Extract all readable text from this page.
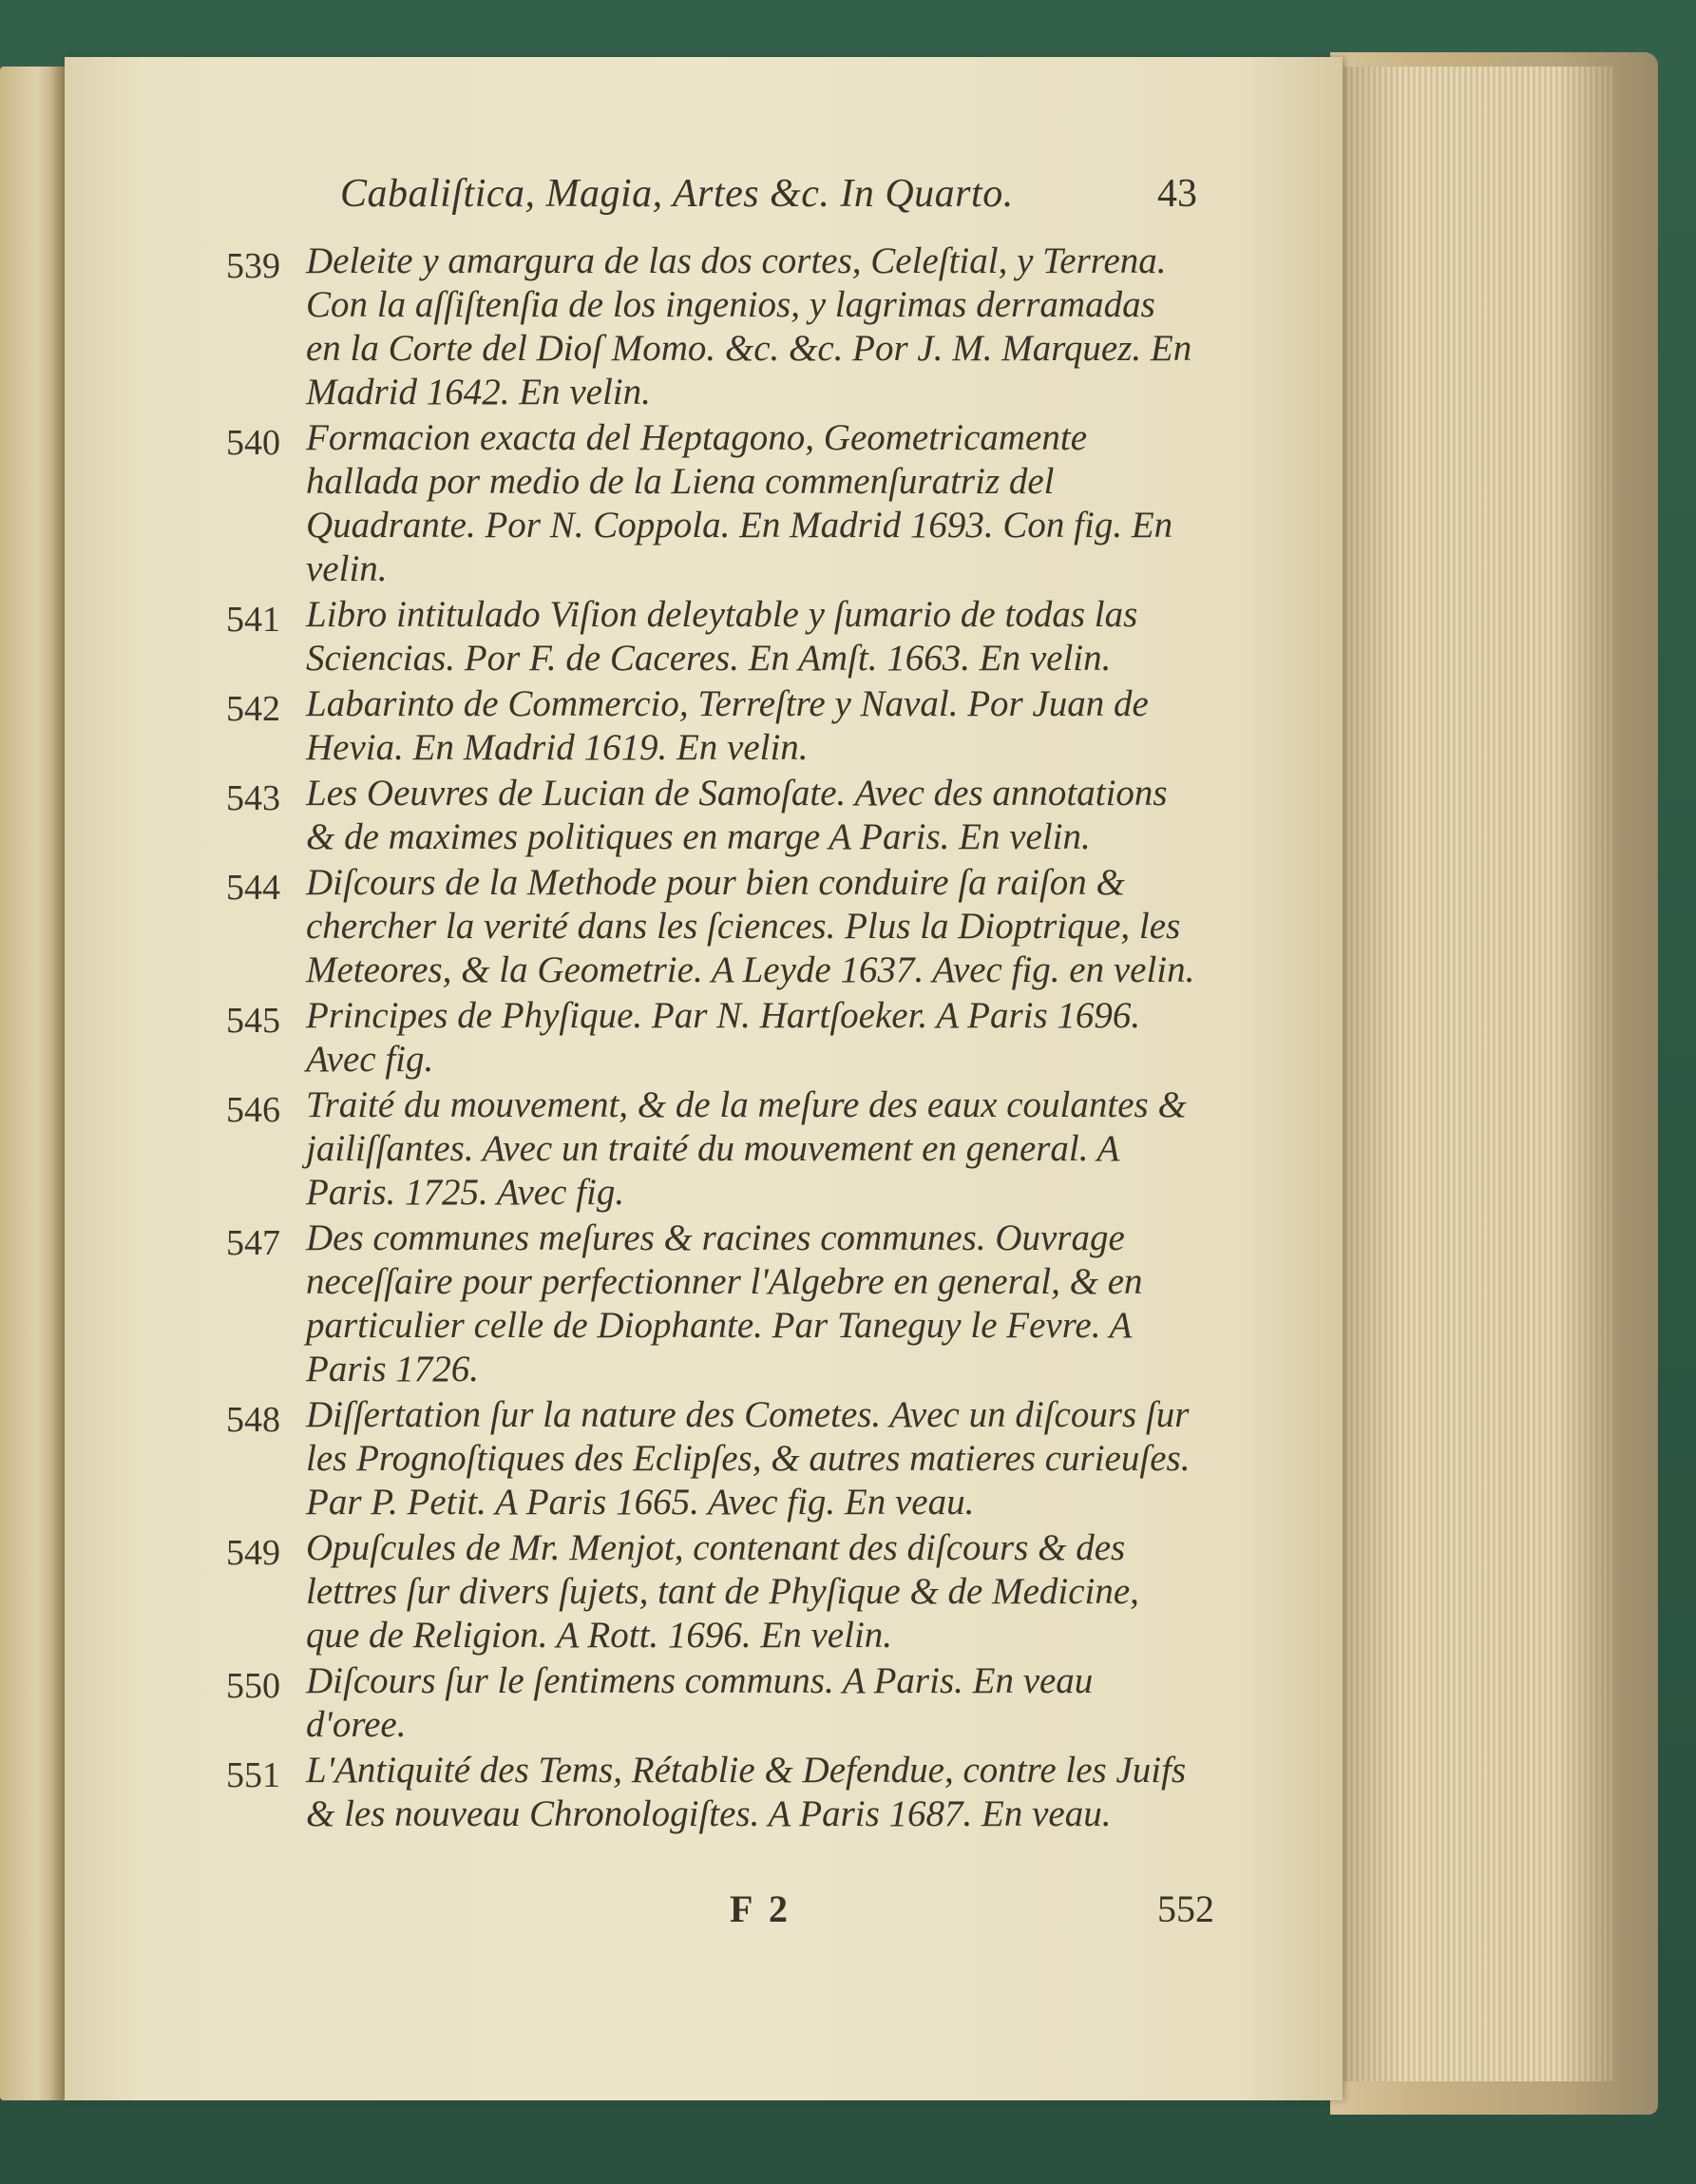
Cabaliſtica, Magia, Artes &c. In Quarto.	43
539 Deleite y amargura de las dos cortes, Celeſtial, y Terrena. Con la aſſiſtenſia de los ingenios, y lagrimas derramadas en la Corte del Dioſ Momo. &c. &c. Por J. M. Marquez. En Madrid 1642. En velin.
540 Formacion exacta del Heptagono, Geometricamente hallada por medio de la Liena commenſuratriz del Quadrante. Por N. Coppola. En Madrid 1693. Con fig. En velin.
541 Libro intitulado Viſion deleytable y ſumario de todas las Sciencias. Por F. de Caceres. En Amſt. 1663. En velin.
542 Labarinto de Commercio, Terreſtre y Naval. Por Juan de Hevia. En Madrid 1619. En velin.
543 Les Oeuvres de Lucian de Samoſate. Avec des annotations & de maximes politiques en marge A Paris. En velin.
544 Diſcours de la Methode pour bien conduire ſa raiſon & chercher la verité dans les ſciences. Plus la Dioptrique, les Meteores, & la Geometrie. A Leyde 1637. Avec fig. en velin.
545 Principes de Phyſique. Par N. Hartſoeker. A Paris 1696. Avec fig.
546 Traité du mouvement, & de la meſure des eaux coulantes & jailiſſantes. Avec un traité du mouvement en general. A Paris. 1725. Avec fig.
547 Des communes meſures & racines communes. Ouvrage neceſſaire pour perfectionner l'Algebre en general, & en particulier celle de Diophante. Par Taneguy le Fevre. A Paris 1726.
548 Diſſertation ſur la nature des Cometes. Avec un diſcours ſur les Prognoſtiques des Eclipſes, & autres matieres curieuſes. Par P. Petit. A Paris 1665. Avec fig. En veau.
549 Opuſcules de Mr. Menjot, contenant des diſcours & des lettres ſur divers ſujets, tant de Phyſique & de Medicine, que de Religion. A Rott. 1696. En velin.
550 Diſcours ſur le ſentimens communs. A Paris. En veau d'oree.
551 L'Antiquité des Tems, Rétablie & Defendue, contre les Juifs & les nouveau Chronologiſtes. A Paris 1687. En veau.
F 2	552
